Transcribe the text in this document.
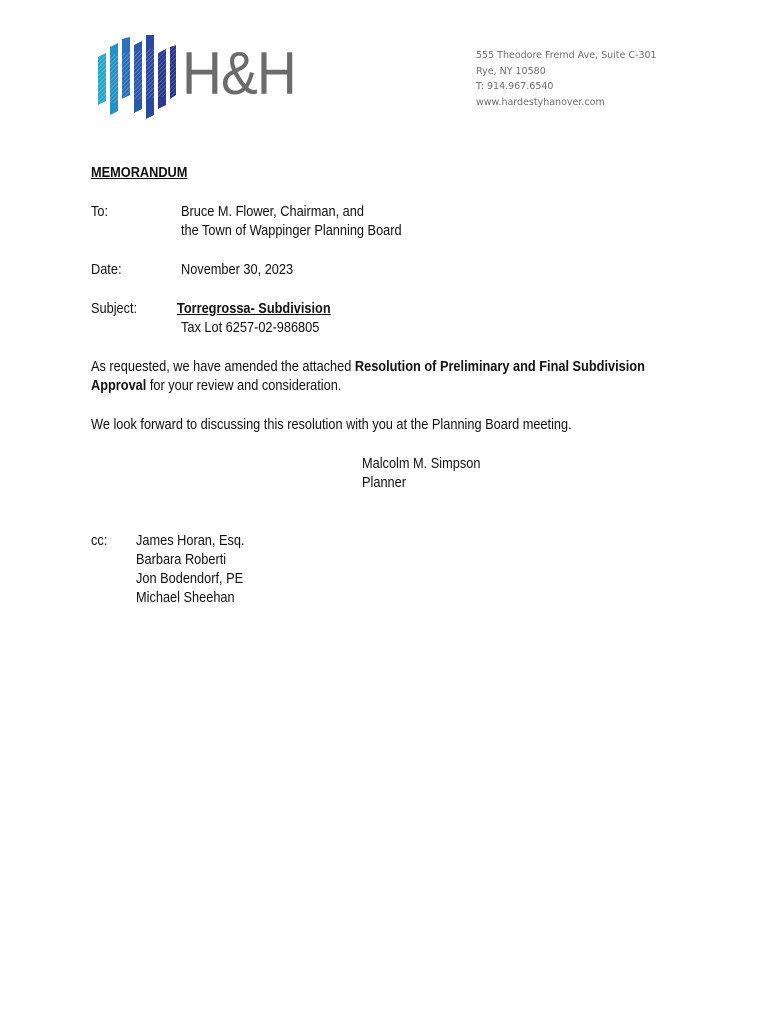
H&H	555 Theodore Fremd Ave, Suite C-301
Rye, NY 10580
T: 914.967.6540
www.hardestyhanover.com
MEMORANDUM
To:	Bruce M. Flower, Chairman, and
the Town of Wappinger Planning Board
Date:	November 30, 2023
Subject:	Torregrossa- Subdivision
Tax Lot 6257-02-986805
As requested, we have amended the attached Resolution of Preliminary and Final Subdivision
Approval for your review and consideration.
We look forward to discussing this resolution with you at the Planning Board meeting.
Malcolm M. Simpson
Planner
cc: James Horan, Esq.
Barbara Roberti
Jon Bodendorf, PE
Michael Sheehan
